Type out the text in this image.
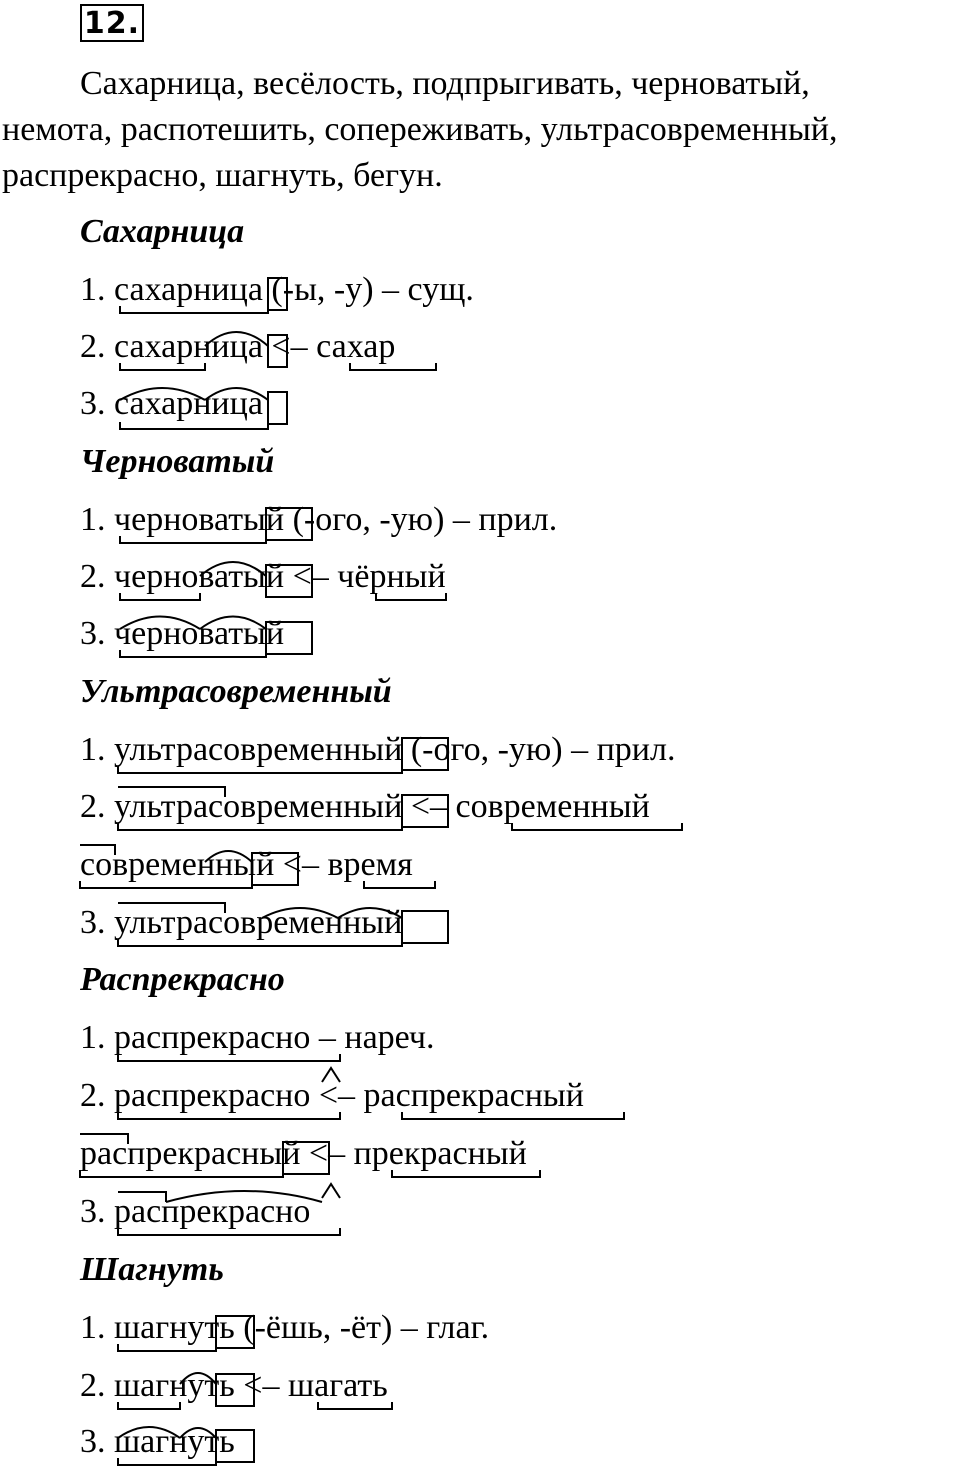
12.
Сахарница, весёлость, подпрыгивать, черноватый,
немота, распотешить, сопереживать, ультрасовременный,
распрекрасно, шагнуть, бегун.
Сахарница
1. сахарница (-ы, -у) – сущ.
2. сахарница <– сахар
3. сахарница
Черноватый
1. черноватый (-ого, -ую) – прил.
2. черноватый <– чёрный
3. черноватый
Ультрасовременный
1. ультрасовременный (-ого, -ую) – прил.
2. ультрасовременный <– современный
современный <– время
3. ультрасовременный
Распрекрасно
1. распрекрасно – нареч.
2. распрекрасно <– распрекрасный
распрекрасный <– прекрасный
3. распрекрасно
Шагнуть
1. шагнуть (-ёшь, -ёт) – глаг.
2. шагнуть <– шагать
3. шагнуть
